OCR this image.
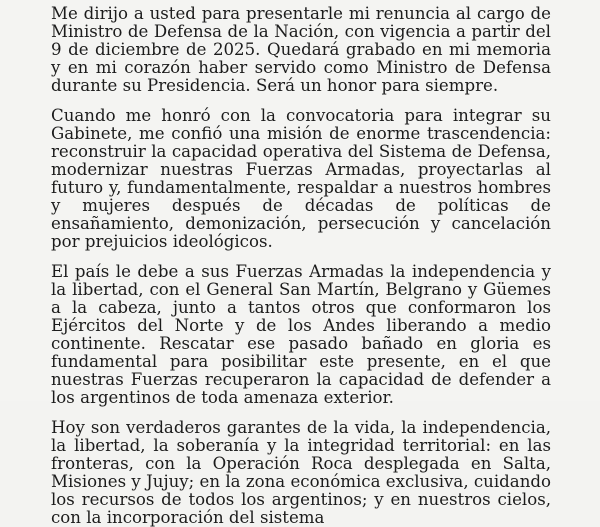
Me dirijo a usted para presentarle mi renuncia al cargo de Ministro de Defensa de la Nación, con vigencia a partir del 9 de diciembre de 2025. Quedará grabado en mi memoria y en mi corazón haber servido como Ministro de Defensa durante su Presidencia. Será un honor para siempre.

Cuando me honró con la convocatoria para integrar su Gabinete, me confió una misión de enorme trascendencia: reconstruir la capacidad operativa del Sistema de Defensa, modernizar nuestras Fuerzas Armadas, proyectarlas al futuro y, fundamentalmente, respaldar a nuestros hombres y mujeres después de décadas de políticas de ensañamiento, demonización, persecución y cancelación por prejuicios ideológicos.

El país le debe a sus Fuerzas Armadas la independencia y la libertad, con el General San Martín, Belgrano y Güemes a la cabeza, junto a tantos otros que conformaron los Ejércitos del Norte y de los Andes liberando a medio continente. Rescatar ese pasado bañado en gloria es fundamental para posibilitar este presente, en el que nuestras Fuerzas recuperaron la capacidad de defender a los argentinos de toda amenaza exterior.

Hoy son verdaderos garantes de la vida, la independencia, la libertad, la soberanía y la integridad territorial: en las fronteras, con la Operación Roca desplegada en Salta, Misiones y Jujuy; en la zona económica exclusiva, cuidando los recursos de todos los argentinos; y en nuestros cielos, con la incorporación del sistema
